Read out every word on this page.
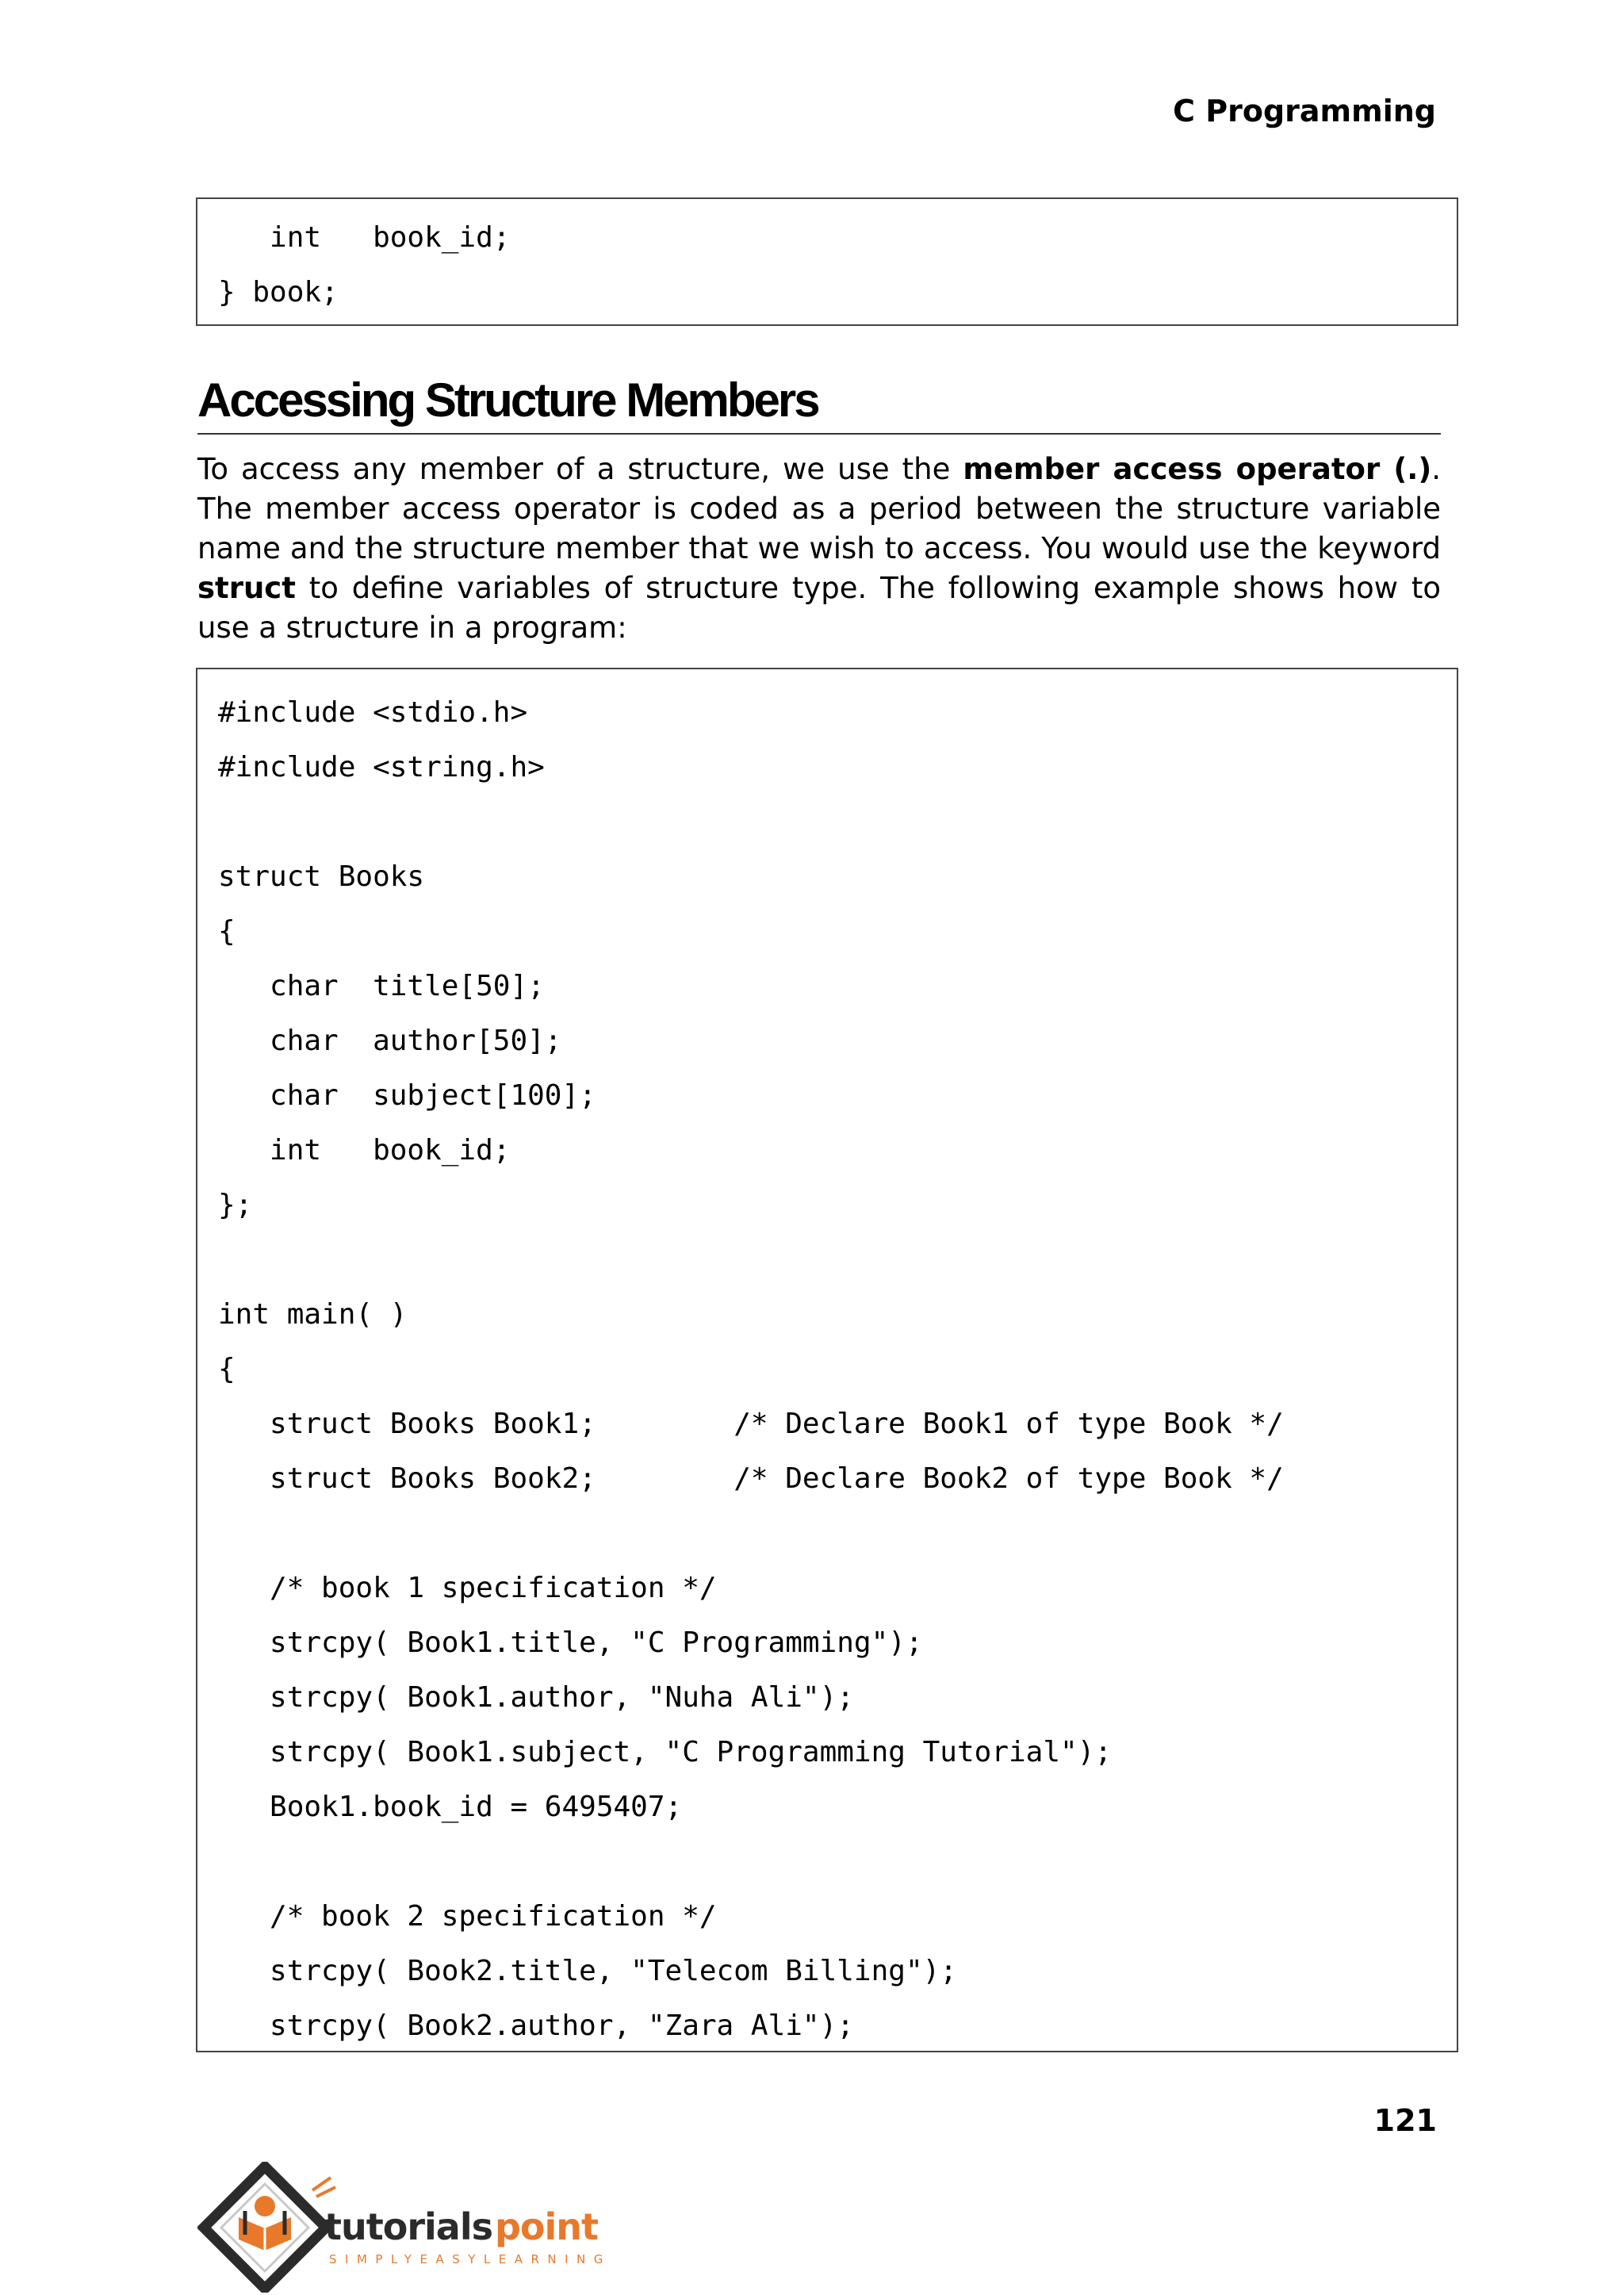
C Programming
int   book_id;
} book;
Accessing Structure Members

To access any member of a structure, we use the member access operator (.). The member access operator is coded as a period between the structure variable name and the structure member that we wish to access. You would use the keyword struct to define variables of structure type. The following example shows how to use a structure in a program:

#include <stdio.h>
#include <string.h>
struct Books
{
char  title[50];
char  author[50];
char  subject[100];
int   book_id;
};
int main( )
{
struct Books Book1;        /* Declare Book1 of type Book */
struct Books Book2;        /* Declare Book2 of type Book */
/* book 1 specification */
strcpy( Book1.title, "C Programming");
strcpy( Book1.author, "Nuha Ali");
strcpy( Book1.subject, "C Programming Tutorial");
Book1.book_id = 6495407;
/* book 2 specification */
strcpy( Book2.title, "Telecom Billing");
strcpy( Book2.author, "Zara Ali");
121
tutorials point
SIMPLYEASYLEARNING
